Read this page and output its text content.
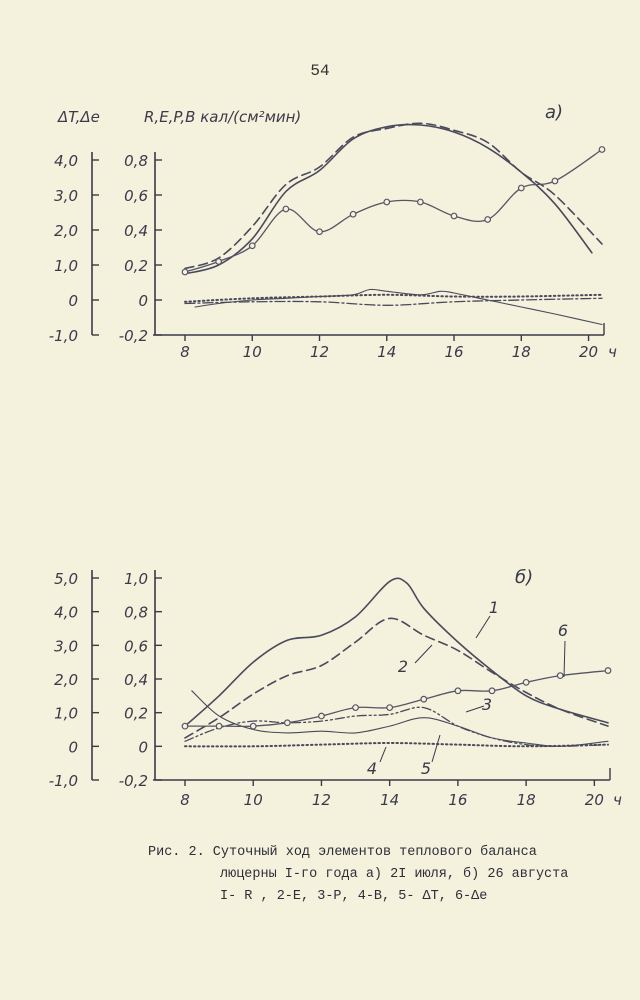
54
4,0
3,0
2,0
1,0
0
-1,0
0,8
0,6
0,4
0,2
0
-0,2
8	10	12	14	16	18	20 ч
ΔT,Δe	R,E,P,B кал/(см²мин)	а)
5,0
4,0
3,0
2,0
1,0
0
-1,0
1,0
0,8
0,6
0,4
0,2
0
-0,2
8	10	12	14	16	18	20 ч
б)
1
2
3
4	5
6
Рис. 2. Суточный ход элементов теплового баланса
люцерны I-го года а) 2I июля, б) 26 августа
I- R , 2-E, 3-P, 4-B, 5- ΔT, 6-Δe
